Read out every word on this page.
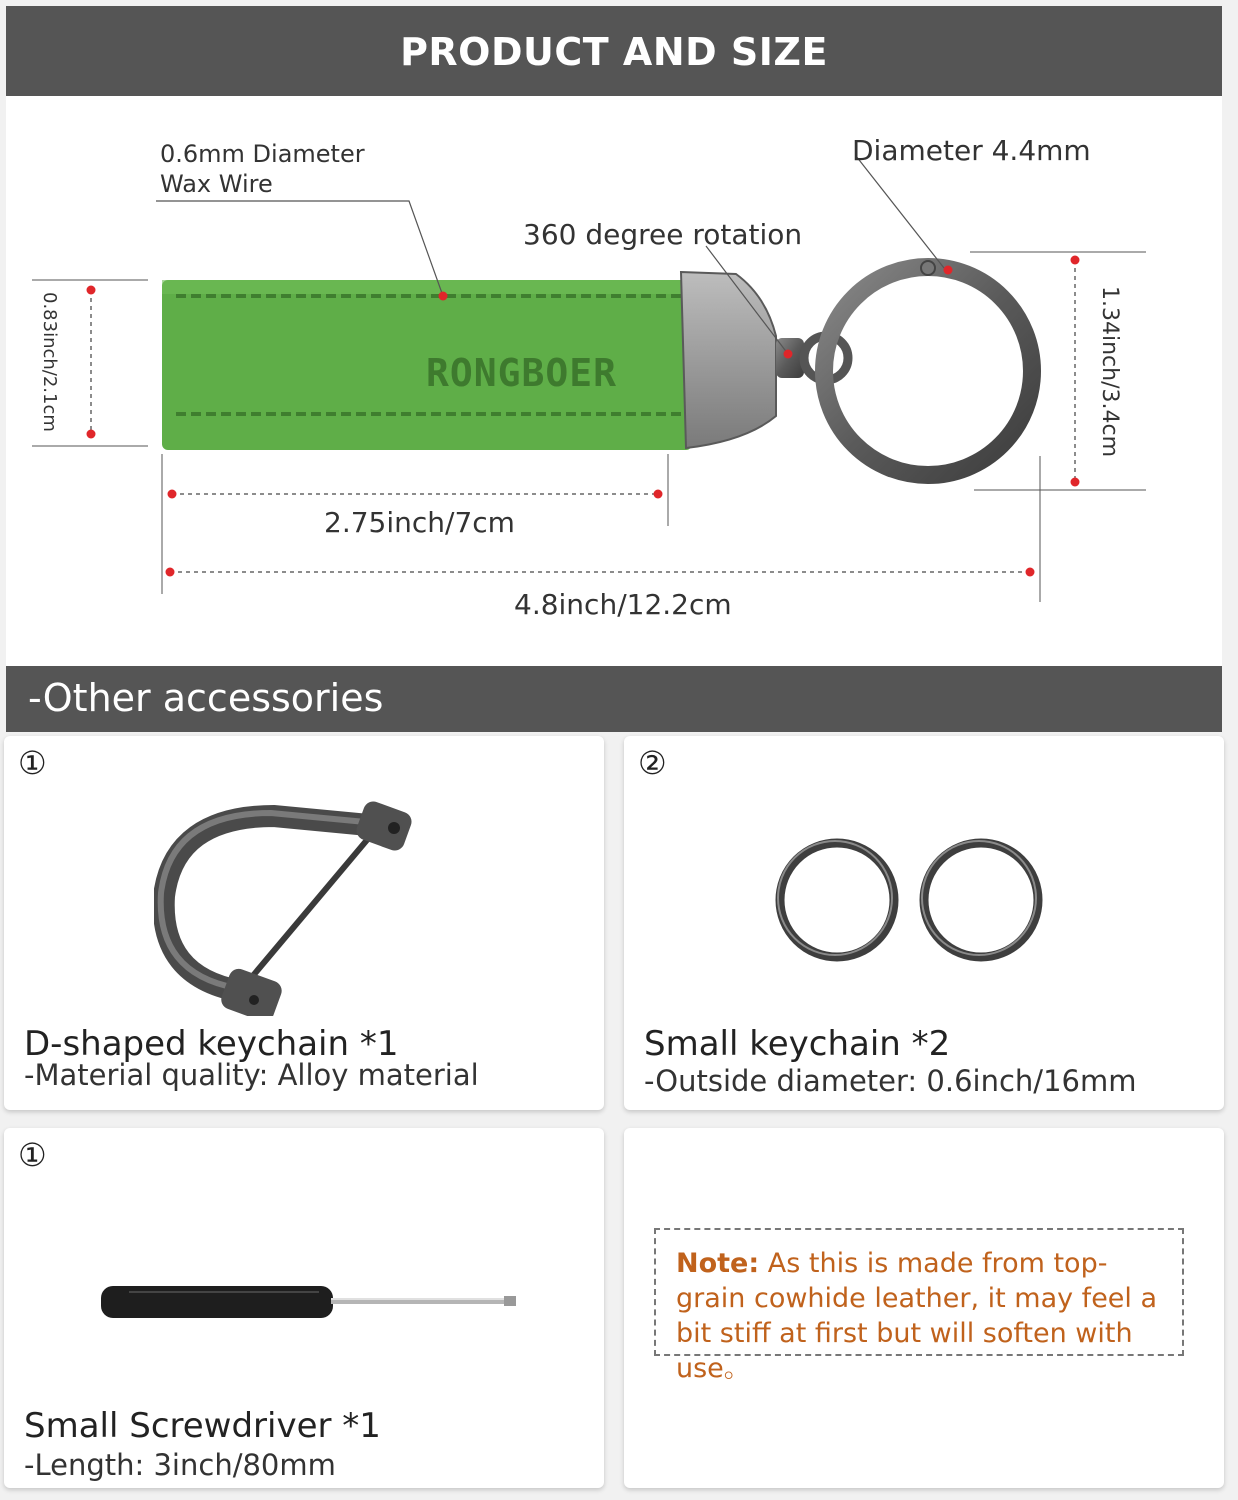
PRODUCT AND SIZE
RONGBOER
0.6mm Diameter
Wax Wire
Diameter 4.4mm
360 degree rotation
0.83inch/2.1cm	1.34inch/3.4cm
2.75inch/7cm
4.8inch/12.2cm
-Other accessories
①
D-shaped keychain *1
-Material quality: Alloy material
②
Small keychain *2
-Outside diameter: 0.6inch/16mm
①
Small Screwdriver *1
-Length: 3inch/80mm
Note: As this is made from top-grain cowhide leather, it may feel a bit stiff at first but will soften with use。
